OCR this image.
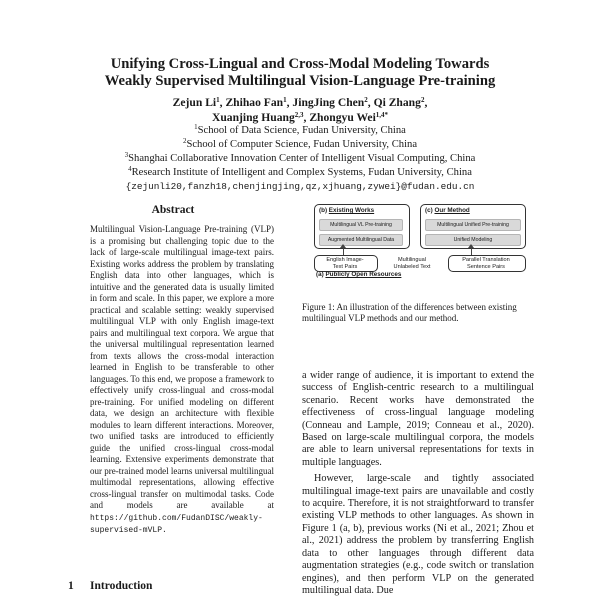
Unifying Cross-Lingual and Cross-Modal Modeling Towards
Weakly Supervised Multilingual Vision-Language Pre-training
Zejun Li$^1$, Zhihao Fan$^1$, JingJing Chen$^2$, Qi Zhang$^2$,
Xuanjing Huang$^{2,3}$, Zhongyu Wei$^{1,4*}$
$^1$School of Data Science, Fudan University, China
$^2$School of Computer Science, Fudan University, China
$^3$Shanghai Collaborative Innovation Center of Intelligent Visual Computing, China
$^4$Research Institute of Intelligent and Complex Systems, Fudan University, China
{zejunli20,fanzh18,chenjingjing,qz,xjhuang,zywei}@fudan.edu.cn
Abstract

Multilingual Vision-Language Pre-training (VLP) is a promising but challenging topic due to the lack of large-scale multilingual image-text pairs. Existing works address the problem by translating English data into other languages, which is intuitive and the generated data is usually limited in form and scale. In this paper, we explore a more practical and scalable setting: weakly supervised multilingual VLP with only English image-text pairs and multilingual text corpora. We argue that the universal multilingual representation learned from texts allows the cross-modal interaction learned in English to be transferable to other languages. To this end, we propose a framework to effectively unify cross-lingual and cross-modal pre-training. For unified modeling on different data, we design an architecture with flexible modules to learn different interactions. Moreover, two unified tasks are introduced to efficiently guide the unified cross-lingual cross-modal learning. Extensive experiments demonstrate that our pre-trained model learns universal multilingual multimodal representations, allowing effective cross-lingual transfer on multimodal tasks. Code and models are available at https://github.com/FudanDISC/weakly-supervised-mVLP.

1 Introduction
(b) Existing Works
Multilingual VL Pre-training
Augmented Multilingual Data
(c) Our Method
Multilingual Unified Pre-training
Unified Modeling
English Image-
Text Pairs
Multilingual
Unlabeled Text
Parallel Translation
Sentence Pairs
(a) Publicly Open Resources

Figure 1: An illustration of the differences between existing multilingual VLP methods and our method.

a wider range of audience, it is important to extend the success of English-centric research to a multilingual scenario. Recent works have demonstrated the effectiveness of cross-lingual language modeling (Conneau and Lample, 2019; Conneau et al., 2020). Based on large-scale multilingual corpora, the models are able to learn universal representations for texts in multiple languages.

However, large-scale and tightly associated multilingual image-text pairs are unavailable and costly to acquire. Therefore, it is not straightforward to transfer existing VLP methods to other languages. As shown in Figure 1 (a, b), previous works (Ni et al., 2021; Zhou et al., 2021) address the problem by transferring English data to other languages through different data augmentation strategies (e.g., code switch or translation engines), and then perform VLP on the generated multilingual data. Due
